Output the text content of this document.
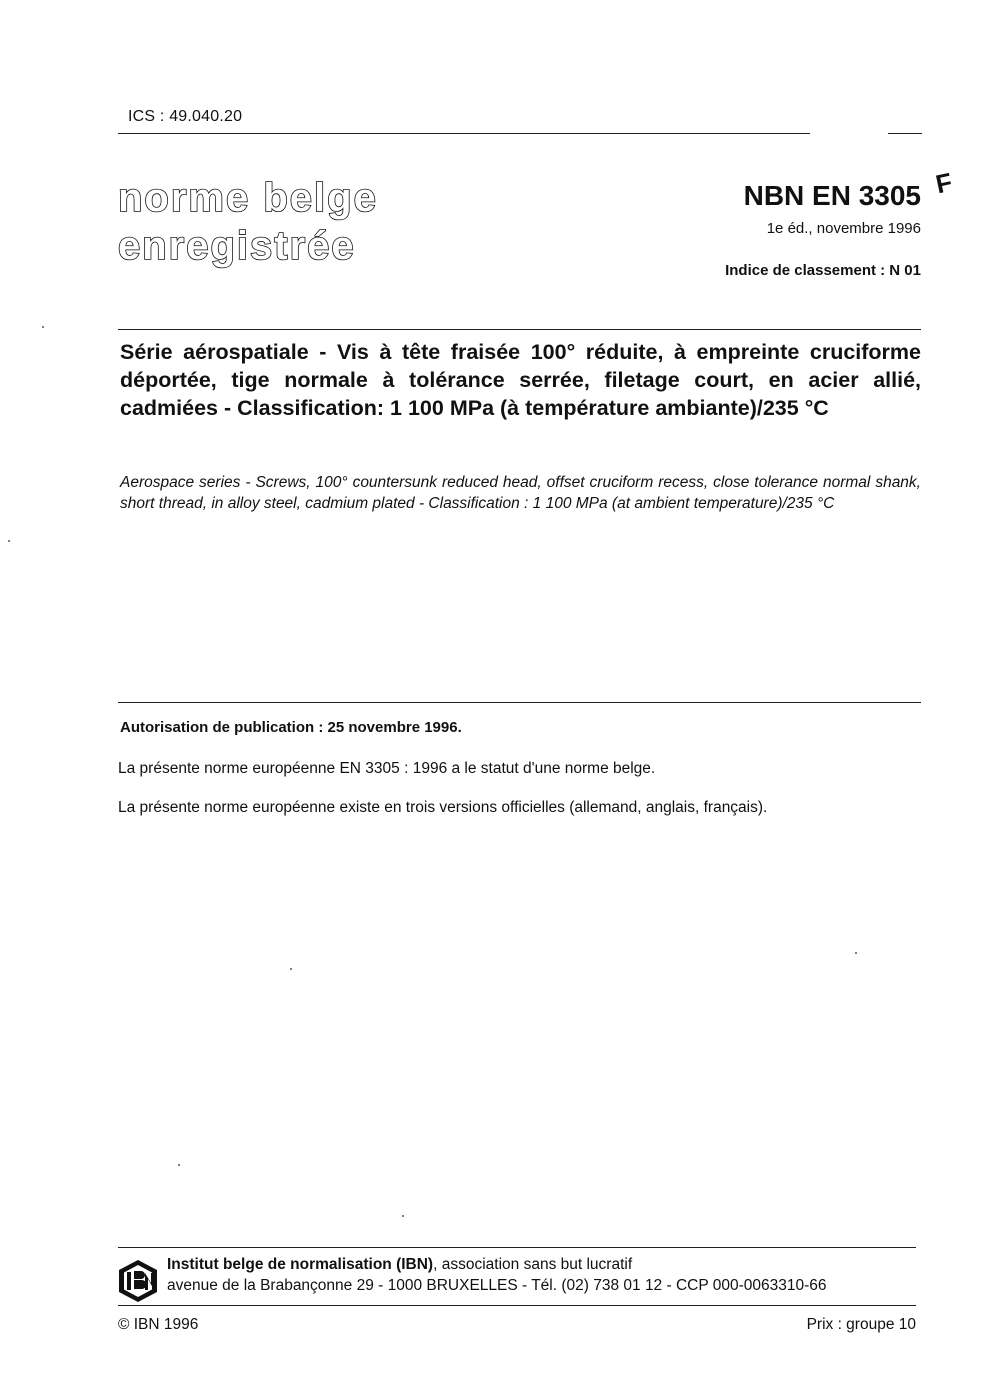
ICS : 49.040.20
norme belge
enregistrée
NBN EN 3305
1e éd., novembre 1996
Indice de classement : N 01
F
Série aérospatiale - Vis à tête fraisée 100° réduite, à empreinte cruciforme déportée, tige normale à tolérance serrée, filetage court, en acier allié, cadmiées - Classification: 1 100 MPa (à température ambiante)/235 °C
Aerospace series - Screws, 100° countersunk reduced head, offset cruciform recess, close tolerance normal shank, short thread, in alloy steel, cadmium plated - Classification : 1 100 MPa (at ambient temperature)/235 °C
Autorisation de publication : 25 novembre 1996.
La présente norme européenne EN 3305 : 1996 a le statut d'une norme belge.
La présente norme européenne existe en trois versions officielles (allemand, anglais, français).
Institut belge de normalisation (IBN), association sans but lucratif
avenue de la Brabançonne 29 - 1000 BRUXELLES - Tél. (02) 738 01 12 - CCP 000-0063310-66
© IBN 1996	Prix : groupe 10
